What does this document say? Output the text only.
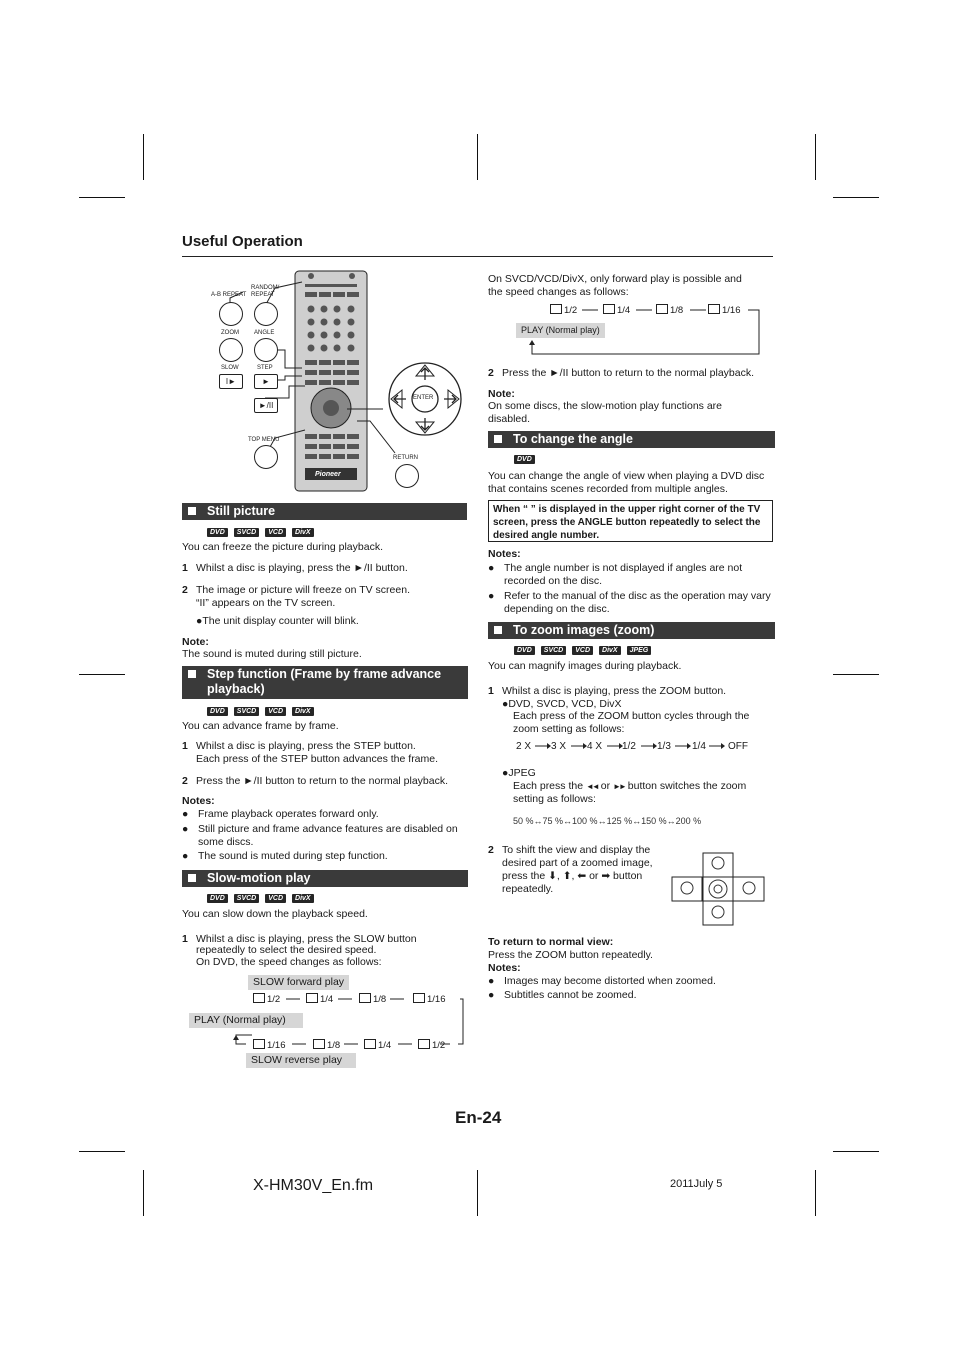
Useful Operation
A-B REPEAT
RANDOM/
REPEAT
ZOOM	ANGLE
SLOW	STEP
I►	►
►/II
TOP MENU
RETURN
ENTER
Pioneer
Still picture
DVD	SVCD	VCD	DivX
You can freeze the picture during playback.
1 Whilst a disc is playing, press the ►/II button.
2 The image or picture will freeze on TV screen.
“II” appears on the TV screen.
●The unit display counter will blink.
Note:
The sound is muted during still picture.
Step function (Frame by frame advance playback)
DVD	SVCD	VCD	DivX
You can advance frame by frame.
1 Whilst a disc is playing, press the STEP button.
Each press of the STEP button advances the frame.
2 Press the ►/II button to return to the normal playback.
Notes:
● Frame playback operates forward only.
● Still picture and frame advance features are disabled on some discs.
● The sound is muted during step function.
Slow-motion play
DVD	SVCD	VCD	DivX
You can slow down the playback speed.
1 Whilst a disc is playing, press the SLOW button
repeatedly to select the desired speed.
On DVD, the speed changes as follows:
SLOW forward play
1/2	1/4	1/8	1/16
PLAY (Normal play)
1/16	1/8	1/4	1/2
SLOW reverse play
On SVCD/VCD/DivX, only forward play is possible and
the speed changes as follows:
1/2	1/4	1/8	1/16
PLAY (Normal play)
2 Press the ►/II button to return to the normal playback.
Note:
On some discs, the slow-motion play functions are disabled.
To change the angle
DVD
You can change the angle of view when playing a DVD disc that contains scenes recorded from multiple angles.
When “ ” is displayed in the upper right corner of the TV screen, press the ANGLE button repeatedly to select the desired angle number.
Notes:
● The angle number is not displayed if angles are not recorded on the disc.
● Refer to the manual of the disc as the operation may vary depending on the disc.
To zoom images (zoom)
DVD	SVCD	VCD	DivX	JPEG
You can magnify images during playback.
1 Whilst a disc is playing, press the ZOOM button.
●DVD, SVCD, VCD, DivX
Each press of the ZOOM button cycles through the zoom setting as follows:
2 X 3 X 4 X 1/2 1/3 1/4 OFF
●JPEG
Each press the ◄◄ or ►► button switches the zoom setting as follows:
50 %↔75 %↔100 %↔125 %↔150 %↔200 %
2 To shift the view and display the desired part of a zoomed image, press the ⬇, ⬆, ⬅ or ➡ button repeatedly.
To return to normal view:
Press the ZOOM button repeatedly.
Notes:
● Images may become distorted when zoomed.
● Subtitles cannot be zoomed.
En-24
X-HM30V_En.fm	2011July 5
